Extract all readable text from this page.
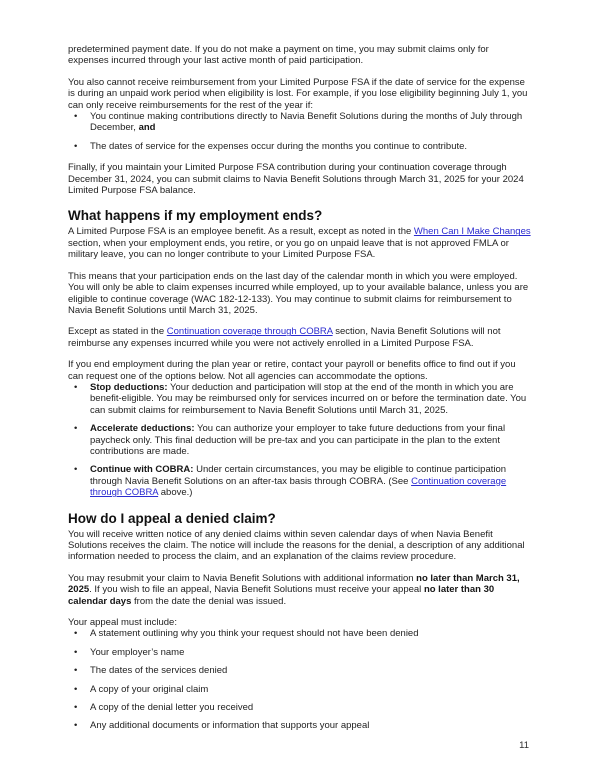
predetermined payment date. If you do not make a payment on time, you may submit claims only for expenses incurred through your last active month of paid participation.

You also cannot receive reimbursement from your Limited Purpose FSA if the date of service for the expense is during an unpaid work period when eligibility is lost. For example, if you lose eligibility beginning July 1, you can only receive reimbursements for the rest of the year if:

• You continue making contributions directly to Navia Benefit Solutions during the months of July through December, and
• The dates of service for the expenses occur during the months you continue to contribute.

Finally, if you maintain your Limited Purpose FSA contribution during your continuation coverage through December 31, 2024, you can submit claims to Navia Benefit Solutions through March 31, 2025 for your 2024 Limited Purpose FSA balance.

What happens if my employment ends?

A Limited Purpose FSA is an employee benefit. As a result, except as noted in the When Can I Make Changes section, when your employment ends, you retire, or you go on unpaid leave that is not approved FMLA or military leave, you can no longer contribute to your Limited Purpose FSA.

This means that your participation ends on the last day of the calendar month in which you were employed. You will only be able to claim expenses incurred while employed, up to your available balance, unless you are eligible to continue coverage (WAC 182-12-133). You may continue to submit claims for reimbursement to Navia Benefit Solutions until March 31, 2025.

Except as stated in the Continuation coverage through COBRA section, Navia Benefit Solutions will not reimburse any expenses incurred while you were not actively enrolled in a Limited Purpose FSA.

If you end employment during the plan year or retire, contact your payroll or benefits office to find out if you can request one of the options below. Not all agencies can accommodate the options.

• Stop deductions: Your deduction and participation will stop at the end of the month in which you are benefit-eligible. You may be reimbursed only for services incurred on or before the termination date. You can submit claims for reimbursement to Navia Benefit Solutions until March 31, 2025.
• Accelerate deductions: You can authorize your employer to take future deductions from your final paycheck only. This final deduction will be pre-tax and you can participate in the plan to the extent contributions are made.
• Continue with COBRA: Under certain circumstances, you may be eligible to continue participation through Navia Benefit Solutions on an after-tax basis through COBRA. (See Continuation coverage through COBRA above.)
How do I appeal a denied claim?

You will receive written notice of any denied claims within seven calendar days of when Navia Benefit Solutions receives the claim. The notice will include the reasons for the denial, a description of any additional information needed to process the claim, and an explanation of the claims review procedure.

You may resubmit your claim to Navia Benefit Solutions with additional information no later than March 31, 2025. If you wish to file an appeal, Navia Benefit Solutions must receive your appeal no later than 30 calendar days from the date the denial was issued.

Your appeal must include:

• A statement outlining why you think your request should not have been denied
• Your employer’s name
• The dates of the services denied
• A copy of your original claim
• A copy of the denial letter you received
• Any additional documents or information that supports your appeal
11
